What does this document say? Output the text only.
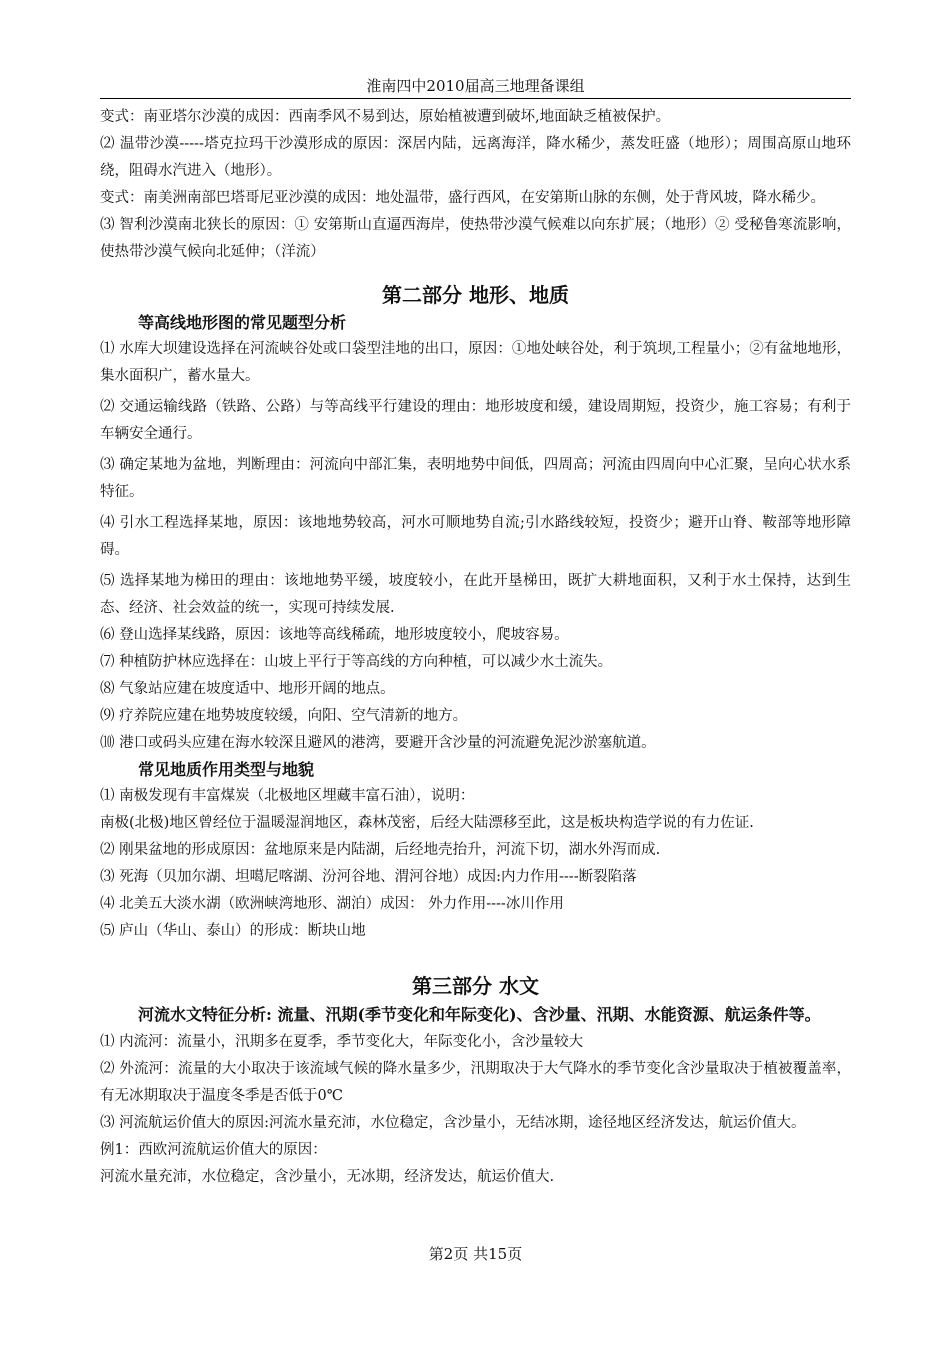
淮南四中2010届高三地理备课组

变式：南亚塔尔沙漠的成因：西南季风不易到达，原始植被遭到破坏,地面缺乏植被保护。

⑵ 温带沙漠-----塔克拉玛干沙漠形成的原因：深居内陆，远离海洋，降水稀少，蒸发旺盛（地形）；周围高原山地环绕，阻碍水汽进入（地形）。

变式：南美洲南部巴塔哥尼亚沙漠的成因：地处温带，盛行西风，在安第斯山脉的东侧，处于背风坡，降水稀少。

⑶ 智利沙漠南北狭长的原因：① 安第斯山直逼西海岸，使热带沙漠气候难以向东扩展；（地形）② 受秘鲁寒流影响，使热带沙漠气候向北延伸；（洋流）

第二部分 地形、地质
等高线地形图的常见题型分析

⑴ 水库大坝建设选择在河流峡谷处或口袋型洼地的出口，原因：①地处峡谷处，利于筑坝,工程量小；②有盆地地形，集水面积广，蓄水量大。

⑵ 交通运输线路（铁路、公路）与等高线平行建设的理由：地形坡度和缓，建设周期短，投资少，施工容易；有利于车辆安全通行。

⑶ 确定某地为盆地，判断理由：河流向中部汇集，表明地势中间低，四周高；河流由四周向中心汇聚，呈向心状水系特征。

⑷ 引水工程选择某地，原因：该地地势较高，河水可顺地势自流;引水路线较短，投资少；避开山脊、鞍部等地形障碍。

⑸ 选择某地为梯田的理由：该地地势平缓，坡度较小，在此开垦梯田，既扩大耕地面积，又利于水土保持，达到生态、经济、社会效益的统一，实现可持续发展.

⑹ 登山选择某线路，原因：该地等高线稀疏，地形坡度较小，爬坡容易。

⑺ 种植防护林应选择在：山坡上平行于等高线的方向种植，可以减少水土流失。

⑻ 气象站应建在坡度适中、地形开阔的地点。

⑼ 疗养院应建在地势坡度较缓，向阳、空气清新的地方。

⑽ 港口或码头应建在海水较深且避风的港湾，要避开含沙量的河流避免泥沙淤塞航道。

常见地质作用类型与地貌

⑴ 南极发现有丰富煤炭（北极地区埋藏丰富石油），说明：

南极(北极)地区曾经位于温暖湿润地区，森林茂密，后经大陆漂移至此，这是板块构造学说的有力佐证.

⑵ 刚果盆地的形成原因：盆地原来是内陆湖，后经地壳抬升，河流下切，湖水外泻而成.

⑶ 死海（贝加尔湖、坦噶尼喀湖、汾河谷地、渭河谷地）成因:内力作用----断裂陷落

⑷ 北美五大淡水湖（欧洲峡湾地形、湖泊）成因： 外力作用----冰川作用

⑸ 庐山（华山、泰山）的形成：断块山地

第三部分 水文
河流水文特征分析: 流量、汛期(季节变化和年际变化)、含沙量、汛期、水能资源、航运条件等。

⑴ 内流河：流量小，汛期多在夏季，季节变化大，年际变化小，含沙量较大

⑵ 外流河：流量的大小取决于该流域气候的降水量多少，汛期取决于大气降水的季节变化含沙量取决于植被覆盖率，有无冰期取决于温度冬季是否低于0℃

⑶ 河流航运价值大的原因:河流水量充沛，水位稳定，含沙量小，无结冰期，途径地区经济发达，航运价值大。

例1：西欧河流航运价值大的原因：

河流水量充沛，水位稳定，含沙量小，无冰期，经济发达，航运价值大.

第2页 共15页
